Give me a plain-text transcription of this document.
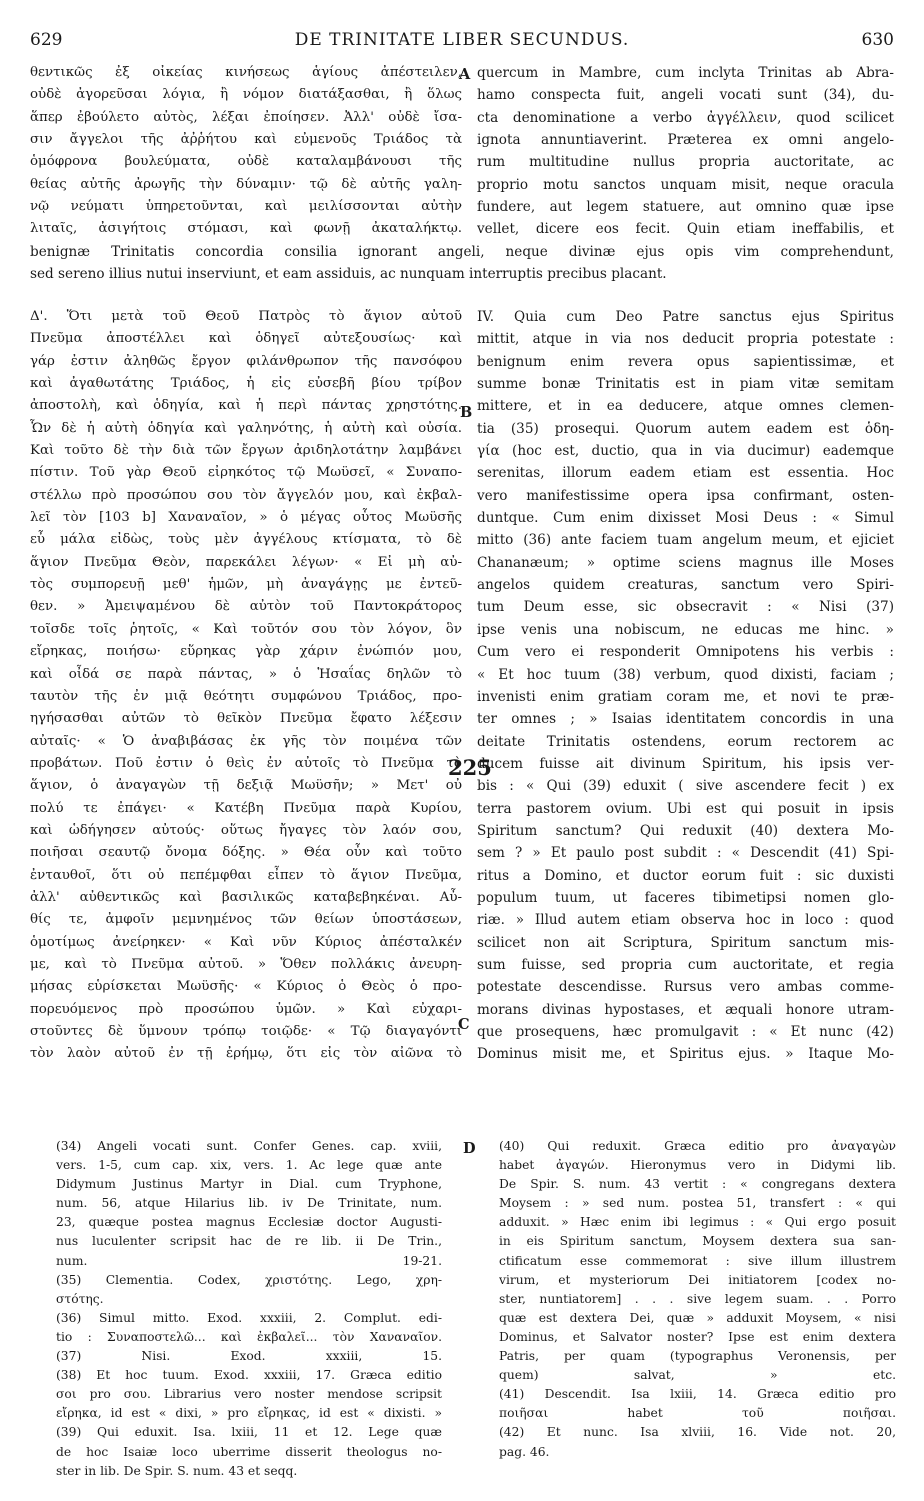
629	DE TRINITATE LIBER SECUNDUS.	630
θεντικῶς ἐξ οἰκείας κινήσεως ἁγίους ἀπέστειλεν,
οὐδὲ ἀγορεῦσαι λόγια, ἢ νόμον διατάξασθαι, ἢ ὅλως
ἅπερ ἐβούλετο αὐτὸς, λέξαι ἐποίησεν. Ἀλλ' οὐδὲ ἴσα-
σιν ἄγγελοι τῆς ἀῤῥήτου καὶ εὐμενοῦς Τριάδος τὰ
ὁμόφρονα βουλεύματα, οὐδὲ καταλαμβάνουσι τῆς
θείας αὐτῆς ἀρωγῆς τὴν δύναμιν· τῷ δὲ αὐτῆς γαλη-
νῷ νεύματι ὑπηρετοῦνται, καὶ μειλίσσονται αὐτὴν
λιταῖς, ἀσιγήτοις στόμασι, καὶ φωνῇ ἀκαταλήκτῳ.
quercum in Mambre, cum inclyta Trinitas ab Abra-
hamo conspecta fuit, angeli vocati sunt (34), du-
cta denominatione a verbo ἀγγέλλειν, quod scilicet
ignota annuntiaverint. Præterea ex omni angelo-
rum multitudine nullus propria auctoritate, ac
proprio motu sanctos unquam misit, neque oracula
fundere, aut legem statuere, aut omnino quæ ipse
vellet, dicere eos fecit. Quin etiam ineffabilis, et
benignæ Trinitatis concordia consilia ignorant angeli, neque divinæ ejus opis vim comprehendunt,
sed sereno illius nutui inserviunt, et eam assiduis, ac nunquam interruptis precibus placant.
Δ'. Ὅτι μετὰ τοῦ Θεοῦ Πατρὸς τὸ ἅγιον αὐτοῦ
Πνεῦμα ἀποστέλλει καὶ ὁδηγεῖ αὐτεξουσίως· καὶ
γάρ ἐστιν ἀληθῶς ἔργον φιλάνθρωπον τῆς πανσόφου
καὶ ἀγαθωτάτης Τριάδος, ἡ εἰς εὐσεβῆ βίου τρίβον
ἀποστολὴ, καὶ ὁδηγία, καὶ ἡ περὶ πάντας χρηστότης.
Ὧν δὲ ἡ αὐτὴ ὁδηγία καὶ γαληνότης, ἡ αὐτὴ καὶ οὐσία.
Καὶ τοῦτο δὲ τὴν διὰ τῶν ἔργων ἀριδηλοτάτην λαμβάνει
πίστιν. Τοῦ γὰρ Θεοῦ εἰρηκότος τῷ Μωϋσεῖ, « Συναπο-
στέλλω πρὸ προσώπου σου τὸν ἄγγελόν μου, καὶ ἐκβαλ-
λεῖ τὸν [103 b] Χαναναῖον, » ὁ μέγας οὗτος Μωϋσῆς
εὖ μάλα εἰδὼς, τοὺς μὲν ἀγγέλους κτίσματα, τὸ δὲ
ἅγιον Πνεῦμα Θεὸν, παρεκάλει λέγων· « Εἰ μὴ αὐ-
τὸς συμπορευῇ μεθ' ἡμῶν, μὴ ἀναγάγῃς με ἐντεῦ-
θεν. » Ἀμειψαμένου δὲ αὐτὸν τοῦ Παντοκράτορος
τοῖσδε τοῖς ῥητοῖς, « Καὶ τοῦτόν σου τὸν λόγον, ὃν
εἴρηκας, ποιήσω· εὕρηκας γὰρ χάριν ἐνώπιόν μου,
καὶ οἶδά σε παρὰ πάντας, » ὁ Ἡσαΐας δηλῶν τὸ
ταυτὸν τῆς ἐν μιᾷ θεότητι συμφώνου Τριάδος, προ-
ηγήσασθαι αὐτῶν τὸ θεῖκὸν Πνεῦμα ἔφατο λέξεσιν
αὐταῖς· « Ὁ ἀναβιβάσας ἐκ γῆς τὸν ποιμένα τῶν
προβάτων. Ποῦ ἐστιν ὁ θεὶς ἐν αὐτοῖς τὸ Πνεῦμα τὸ
ἅγιον, ὁ ἀναγαγὼν τῇ δεξιᾷ Μωϋσῆν; » Μετ' οὐ
πολύ τε ἐπάγει· « Κατέβη Πνεῦμα παρὰ Κυρίου,
καὶ ὡδήγησεν αὐτούς· οὕτως ἤγαγες τὸν λαόν σου,
ποιῆσαι σεαυτῷ ὄνομα δόξης. » Θέα οὖν καὶ τοῦτο
ἐνταυθοῖ, ὅτι οὐ πεπέμφθαι εἶπεν τὸ ἅγιον Πνεῦμα,
ἀλλ' αὐθεντικῶς καὶ βασιλικῶς καταβεβηκέναι. Αὖ-
θίς τε, ἀμφοῖν μεμνημένος τῶν θείων ὑποστάσεων,
ὁμοτίμως ἀνείρηκεν· « Καὶ νῦν Κύριος ἀπέσταλκέν
με, καὶ τὸ Πνεῦμα αὐτοῦ. » Ὅθεν πολλάκις ἀνευρη-
μήσας εὑρίσκεται Μωϋσῆς· « Κύριος ὁ Θεὸς ὁ προ-
πορευόμενος πρὸ προσώπου ὑμῶν. » Καὶ εὐχαρι-
στοῦντες δὲ ὕμνουν τρόπῳ τοιῷδε· « Τῷ διαγαγόντι
τὸν λαὸν αὐτοῦ ἐν τῇ ἐρήμῳ, ὅτι εἰς τὸν αἰῶνα τὸ
IV. Quia cum Deo Patre sanctus ejus Spiritus
mittit, atque in via nos deducit propria potestate :
benignum enim revera opus sapientissimæ, et
summe bonæ Trinitatis est in piam vitæ semitam
mittere, et in ea deducere, atque omnes clemen-
tia (35) prosequi. Quorum autem eadem est ὁδη-
γία (hoc est, ductio, qua in via ducimur) eademque
serenitas, illorum eadem etiam est essentia. Hoc
vero manifestissime opera ipsa confirmant, osten-
duntque. Cum enim dixisset Mosi Deus : « Simul
mitto (36) ante faciem tuam angelum meum, et ejiciet
Chananæum; » optime sciens magnus ille Moses
angelos quidem creaturas, sanctum vero Spiri-
tum Deum esse, sic obsecravit : « Nisi (37)
ipse venis una nobiscum, ne educas me hinc. »
Cum vero ei responderit Omnipotens his verbis :
« Et hoc tuum (38) verbum, quod dixisti, faciam ;
invenisti enim gratiam coram me, et novi te præ-
ter omnes ; » Isaias identitatem concordis in una
deitate Trinitatis ostendens, eorum rectorem ac
ducem fuisse ait divinum Spiritum, his ipsis ver-
bis : « Qui (39) eduxit ( sive ascendere fecit ) ex
terra pastorem ovium. Ubi est qui posuit in ipsis
Spiritum sanctum? Qui reduxit (40) dextera Mo-
sem ? » Et paulo post subdit : « Descendit (41) Spi-
ritus a Domino, et ductor eorum fuit : sic duxisti
populum tuum, ut faceres tibimetipsi nomen glo-
riæ. » Illud autem etiam observa hoc in loco : quod
scilicet non ait Scriptura, Spiritum sanctum mis-
sum fuisse, sed propria cum auctoritate, et regia
potestate descendisse. Rursus vero ambas comme-
morans divinas hypostases, et æquali honore utram-
que prosequens, hæc promulgavit : « Et nunc (42)
Dominus misit me, et Spiritus ejus. » Itaque Mo-
A
B
C
D
225
(34) Angeli vocati sunt. Confer Genes. cap. xviii,
vers. 1-5, cum cap. xix, vers. 1. Ac lege quæ ante
Didymum Justinus Martyr in Dial. cum Tryphone,
num. 56, atque Hilarius lib. iv De Trinitate, num.
23, quæque postea magnus Ecclesiæ doctor Augusti-
nus luculenter scripsit hac de re lib. ii De Trin.,
num. 19-21.
(35) Clementia. Codex, χριστότης. Lego, χρη-
στότης.
(36) Simul mitto. Exod. xxxiii, 2. Complut. edi-
tio : Συναποστελῶ... καὶ ἐκβαλεῖ... τὸν Χαναναῖον.
(37) Nisi. Exod. xxxiii, 15.
(38) Et hoc tuum. Exod. xxxiii, 17. Græca editio
σοι pro σου. Librarius vero noster mendose scripsit
εἴρηκα, id est « dixi, » pro εἴρηκας, id est « dixisti. »
(39) Qui eduxit. Isa. lxiii, 11 et 12. Lege quæ
de hoc Isaiæ loco uberrime disserit theologus no-
ster in lib. De Spir. S. num. 43 et seqq.
(40) Qui reduxit. Græca editio pro ἀναγαγὼν
habet ἀγαγών. Hieronymus vero in Didymi lib.
De Spir. S. num. 43 vertit : « congregans dextera
Moysem : » sed num. postea 51, transfert : « qui
adduxit. » Hæc enim ibi legimus : « Qui ergo posuit
in eis Spiritum sanctum, Moysem dextera sua san-
ctificatum esse commemorat : sive illum illustrem
virum, et mysteriorum Dei initiatorem [codex no-
ster, nuntiatorem] . . . sive legem suam. . . Porro
quæ est dextera Dei, quæ » adduxit Moysem, « nisi
Dominus, et Salvator noster? Ipse est enim dextera
Patris, per quam (typographus Veronensis, per
quem) salvat, » etc.
(41) Descendit. Isa lxiii, 14. Græca editio pro
ποιῆσαι habet τοῦ ποιῆσαι.
(42) Et nunc. Isa xlviii, 16. Vide not. 20,
pag. 46.
